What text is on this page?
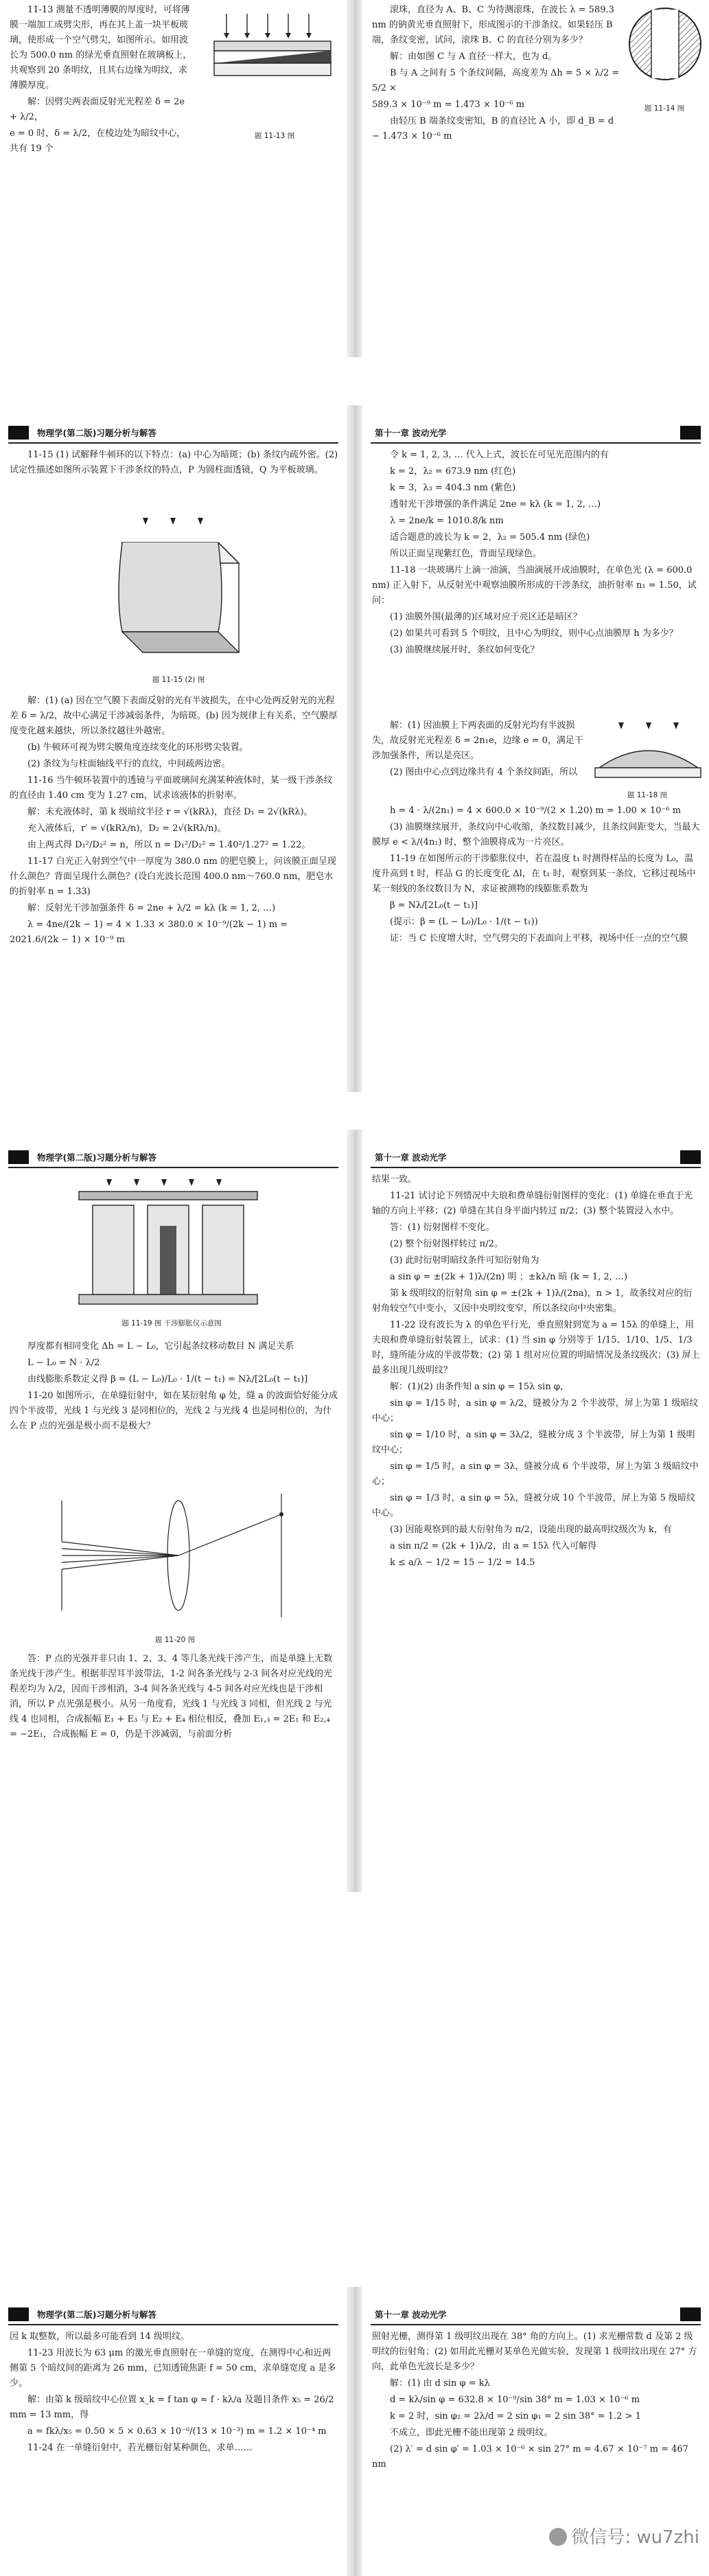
11-13 测量不透明薄膜的厚度时，可将薄膜一端加工成劈尖形，再在其上盖一块平板玻璃，使形成一个空气劈尖，如图所示。如用波长为 500.0 nm 的绿光垂直照射在玻璃板上，共观察到 20 条明纹，且其右边缘为明纹，求薄膜厚度。

解：因劈尖两表面反射光光程差 δ = 2e + λ/2，

e = 0 时，δ = λ/2，在棱边处为暗纹中心，共有 19 个

题 11-13 图

滚珠，直径为 A、B、C 为待测滚珠，在波长 λ = 589.3 nm 的钠黄光垂直照射下，形成图示的干涉条纹。如果轻压 B 端，条纹变密，试问，滚珠 B、C 的直径分别为多少？

解：由如图 C 与 A 直径一样大，也为 d。

B 与 A 之间有 5 个条纹间隔，高度差为 Δh = 5 × λ/2 = 5/2 ×

589.3 × 10⁻⁹ m = 1.473 × 10⁻⁶ m

由轻压 B 端条纹变密知，B 的直径比 A 小，即 d_B = d − 1.473 × 10⁻⁶ m

题 11-14 图
物理学(第二版)习题分析与解答

11-15 (1) 试解释牛顿环的以下特点：(a) 中心为暗斑；(b) 条纹内疏外密。(2) 试定性描述如图所示装置下干涉条纹的特点，P 为圆柱面透镜，Q 为平板玻璃。

题 11-15 (2) 图

解：(1) (a) 因在空气膜下表面反射的光有半波损失，在中心处两反射光的光程差 δ = λ/2，故中心满足干涉减弱条件，为暗斑。(b) 因为规律上有关系，空气膜厚度变化越来越快，所以条纹越往外越密。

(b) 牛顿环可视为劈尖膜角度连续变化的环形劈尖装置。

(2) 条纹为与柱面轴线平行的直纹，中间疏两边密。

11-16 当牛顿环装置中的透镜与平面玻璃间充满某种液体时，某一级干涉条纹的直径由 1.40 cm 变为 1.27 cm，试求该液体的折射率。

解：未充液体时，第 k 级暗纹半径 r = √(kRλ)，直径 D₁ = 2√(kRλ)。

充入液体后，r′ = √(kRλ/n)，D₂ = 2√(kRλ/n)。

由上两式得 D₁²/D₂² = n，所以 n = D₁²/D₂² = 1.40²/1.27² = 1.22。

11-17 白光正入射到空气中一厚度为 380.0 nm 的肥皂膜上，问该膜正面呈现什么颜色？背面呈现什么颜色？(设白光波长范围 400.0 nm～760.0 nm，肥皂水的折射率 n = 1.33)

解：反射光干涉加强条件 δ = 2ne + λ/2 = kλ (k = 1, 2, …)

λ = 4ne/(2k − 1) = 4 × 1.33 × 380.0 × 10⁻⁹/(2k − 1) m = 2021.6/(2k − 1) × 10⁻⁹ m

第十一章 波动光学

令 k = 1, 2, 3, … 代入上式，波长在可见光范围内的有

k = 2，λ₂ = 673.9 nm (红色)

k = 3，λ₃ = 404.3 nm (紫色)

透射光干涉增强的条件满足 2ne = kλ (k = 1, 2, …)

λ = 2ne/k = 1010.8/k nm

适合题意的波长为 k = 2，λ₂ = 505.4 nm (绿色)

所以正面呈现紫红色，背面呈现绿色。

11-18 一块玻璃片上滴一油滴，当油滴展开成油膜时，在单色光 (λ = 600.0 nm) 正入射下，从反射光中观察油膜所形成的干涉条纹，油折射率 n₁ = 1.50，试问：

(1) 油膜外围(最薄的)区域对应于亮区还是暗区？

(2) 如果共可看到 5 个明纹，且中心为明纹，则中心点油膜厚 h 为多少？

(3) 油膜继续展开时，条纹如何变化？

解：(1) 因油膜上下两表面的反射光均有半波损失，故反射光光程差 δ = 2n₁e，边缘 e = 0，满足干涉加强条件，所以是亮区。

(2) 图由中心点到边缘共有 4 个条纹间距，所以

题 11-18 图

h = 4 · λ/(2n₁) = 4 × 600.0 × 10⁻⁹/(2 × 1.20) m = 1.00 × 10⁻⁶ m

(3) 油膜继续展开，条纹向中心收缩，条纹数目减少，且条纹间距变大，当最大膜厚 e < λ/(4n₁) 时，整个油膜将成为一片亮区。

11-19 在如图所示的干涉膨胀仪中，若在温度 t₁ 时测得样品的长度为 L₀，温度升高到 t 时，样品 G 的长度变化 Δl，在 t₁ 时，观察到某一条纹，它移过视场中某一刻线的条纹数目为 N，求证被测物的线膨胀系数为

β = Nλ/[2L₀(t − t₁)]

(提示：β = (L − L₀)/L₀ · 1/(t − t₁))

证：当 C 长度增大时，空气劈尖的下表面向上平移，视场中任一点的空气膜

物理学(第二版)习题分析与解答
题 11-19 图 干涉膨胀仪示意图

厚度都有相同变化 Δh = L − L₀，它引起条纹移动数目 N 满足关系

L − L₀ = N · λ/2

由线膨胀系数定义得 β = (L − L₀)/L₀ · 1/(t − t₁) = Nλ/[2L₀(t − t₁)]

11-20 如图所示，在单缝衍射中，如在某衍射角 φ 处，缝 a 的波面恰好能分成四个半波带，光线 1 与光线 3 是同相位的，光线 2 与光线 4 也是同相位的，为什么在 P 点的光强是极小而不是极大？

题 11-20 图

答：P 点的光强并非只由 1、2、3、4 等几条光线干涉产生，而是单缝上无数条光线干涉产生。根据菲涅耳半波带法，1-2 间各条光线与 2-3 间各对应光线的光程差均为 λ/2，因而干涉相消，3-4 间各条光线与 4-5 间各对应光线也是干涉相消，所以 P 点光强是极小。从另一角度看，光线 1 与光线 3 同相，但光线 2 与光线 4 也同相，合成振幅 E₁ + E₃ 与 E₂ + E₄ 相位相反，叠加 E₁,₃ = 2E₁ 和 E₂,₄ = −2E₁，合成振幅 E = 0，仍是干涉减弱，与前面分析

第十一章 波动光学

结果一致。

11-21 试讨论下列情况中夫琅和费单缝衍射图样的变化：(1) 单缝在垂直于光轴的方向上平移；(2) 单缝在其自身平面内转过 π/2；(3) 整个装置浸入水中。

答：(1) 衍射图样不变化。

(2) 整个衍射图样转过 π/2。

(3) 此时衍射明暗纹条件可知衍射角为

a sin φ = ±(2k + 1)λ/(2n) 明 ；±kλ/n 暗 (k = 1, 2, …)

第 k 级明纹的衍射角 sin φ = ±(2k + 1)λ/(2na)，n > 1，故条纹对应的衍射角较空气中变小，又因中央明纹变窄，所以条纹向中央密集。

11-22 设有波长为 λ 的单色平行光，垂直照射到宽为 a = 15λ 的单缝上，用夫琅和费单缝衍射装置上，试求：(1) 当 sin φ 分别等于 1/15、1/10、1/5、1/3 时，缝所能分成的半波带数；(2) 第 1 组对应位置的明暗情况及条纹级次；(3) 屏上最多出现几级明纹？

解：(1)(2) 由条件知 a sin φ = 15λ sin φ，

sin φ = 1/15 时，a sin φ = λ/2，缝被分为 2 个半波带，屏上为第 1 级暗纹中心；

sin φ = 1/10 时，a sin φ = 3λ/2，缝被分成 3 个半波带，屏上为第 1 级明纹中心；

sin φ = 1/5 时，a sin φ = 3λ，缝被分成 6 个半波带，屏上为第 3 级暗纹中心；

sin φ = 1/3 时，a sin φ = 5λ，缝被分成 10 个半波带，屏上为第 5 级暗纹中心。

(3) 因能观察到的最大衍射角为 π/2，设能出现的最高明纹级次为 k，有

a sin π/2 = (2k + 1)λ/2，由 a = 15λ 代入可解得

k ≤ a/λ − 1/2 = 15 − 1/2 = 14.5

物理学(第二版)习题分析与解答

因 k 取整数，所以最多可能看到 14 级明纹。

11-23 用波长为 63 μm 的激光垂直照射在一单缝的宽度，在测得中心和近两侧第 5 个暗纹间的距离为 26 mm，已知透镜焦距 f = 50 cm，求单缝宽度 a 是多少。

解：由第 k 级暗纹中心位置 x_k = f tan φ ≈ f · kλ/a 及题目条件 x₅ = 26/2 mm = 13 mm，得

a = fkλ/x₅ = 0.50 × 5 × 0.63 × 10⁻⁶/(13 × 10⁻³) m = 1.2 × 10⁻⁴ m

11-24 在一单缝衍射中，若光栅衍射某种颜色，求单……

第十一章 波动光学

照射光栅，测得第 1 级明纹出现在 38° 角的方向上。(1) 求光栅常数 d 及第 2 级明纹的衍射角；(2) 如用此光栅对某单色光做实验，发现第 1 级明纹出现在 27° 方向，此单色光波长是多少？

解：(1) 由 d sin φ = kλ

d = kλ/sin φ = 632.8 × 10⁻⁹/sin 38° m = 1.03 × 10⁻⁶ m

k = 2 时，sin φ₂ = 2λ/d = 2 sin φ₁ = 2 sin 38° = 1.2 > 1

不成立，即此光栅不能出现第 2 级明纹。

(2) λ′ = d sin φ′ = 1.03 × 10⁻⁶ × sin 27° m = 4.67 × 10⁻⁷ m = 467 nm

微信号: wu7zhi
